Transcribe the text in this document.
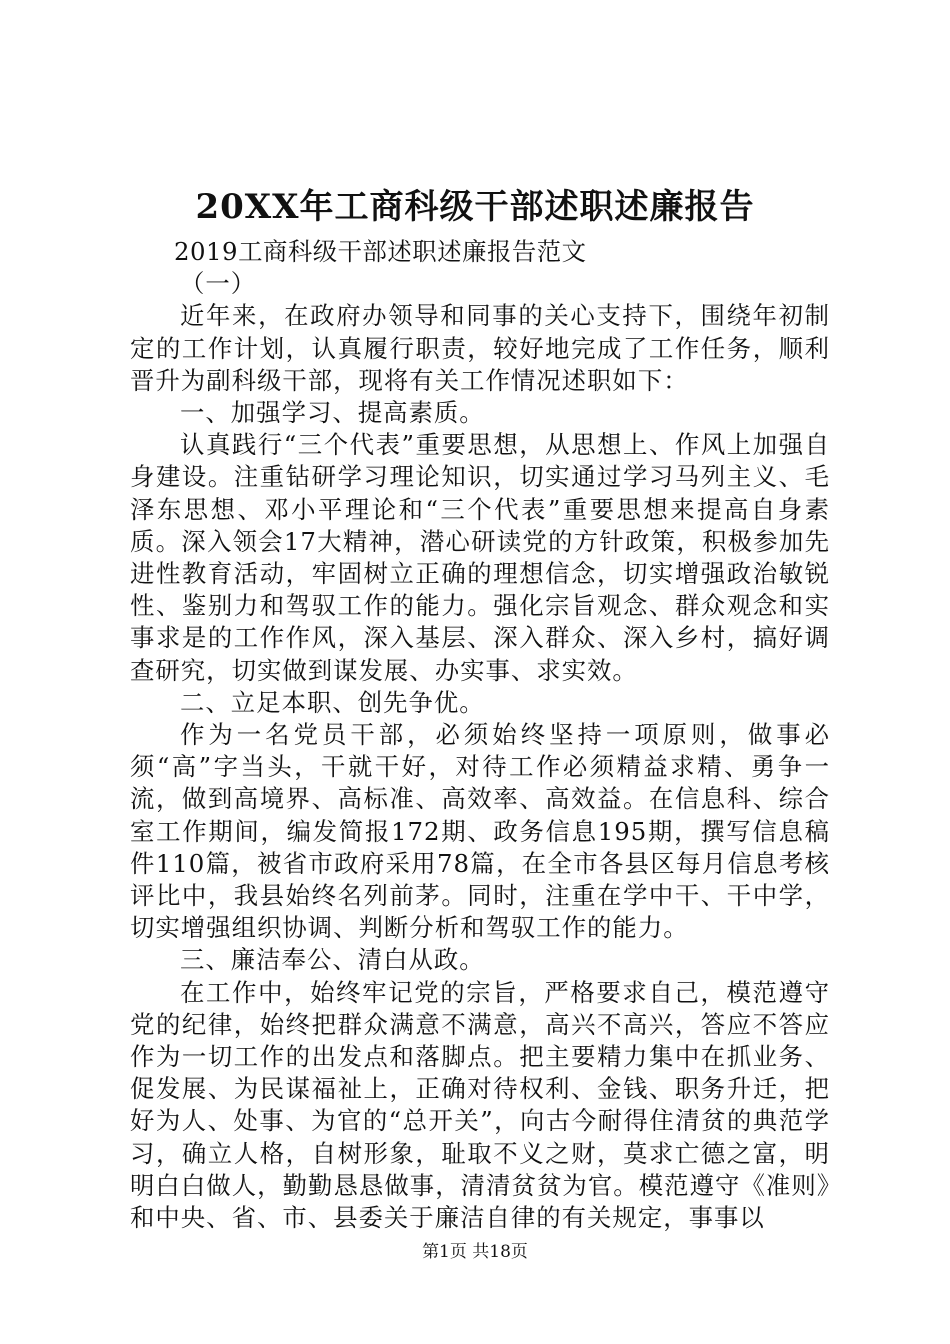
20XX年工商科级干部述职述廉报告

2019工商科级干部述职述廉报告范文

（一）

近年来，在政府办领导和同事的关心支持下，围绕年初制定的工作计划，认真履行职责，较好地完成了工作任务，顺利晋升为副科级干部，现将有关工作情况述职如下：

一、加强学习、提高素质。

认真践行“三个代表”重要思想，从思想上、作风上加强自身建设。注重钻研学习理论知识，切实通过学习马列主义、毛泽东思想、邓小平理论和“三个代表”重要思想来提高自身素质。深入领会17大精神，潜心研读党的方针政策，积极参加先进性教育活动，牢固树立正确的理想信念，切实增强政治敏锐性、鉴别力和驾驭工作的能力。强化宗旨观念、群众观念和实事求是的工作作风，深入基层、深入群众、深入乡村，搞好调查研究，切实做到谋发展、办实事、求实效。

二、立足本职、创先争优。

作为一名党员干部，必须始终坚持一项原则，做事必须“高”字当头，干就干好，对待工作必须精益求精、勇争一流，做到高境界、高标准、高效率、高效益。在信息科、综合室工作期间，编发简报172期、政务信息195期，撰写信息稿件110篇，被省市政府采用78篇，在全市各县区每月信息考核评比中，我县始终名列前茅。同时，注重在学中干、干中学，切实增强组织协调、判断分析和驾驭工作的能力。

三、廉洁奉公、清白从政。

在工作中，始终牢记党的宗旨，严格要求自己，模范遵守党的纪律，始终把群众满意不满意，高兴不高兴，答应不答应作为一切工作的出发点和落脚点。把主要精力集中在抓业务、促发展、为民谋福祉上，正确对待权利、金钱、职务升迁，把好为人、处事、为官的“总开关”，向古今耐得住清贫的典范学习，确立人格，自树形象，耻取不义之财，莫求亡德之富，明明白白做人，勤勤恳恳做事，清清贫贫为官。模范遵守《准则》和中央、省、市、县委关于廉洁自律的有关规定，事事以

第1页 共18页
